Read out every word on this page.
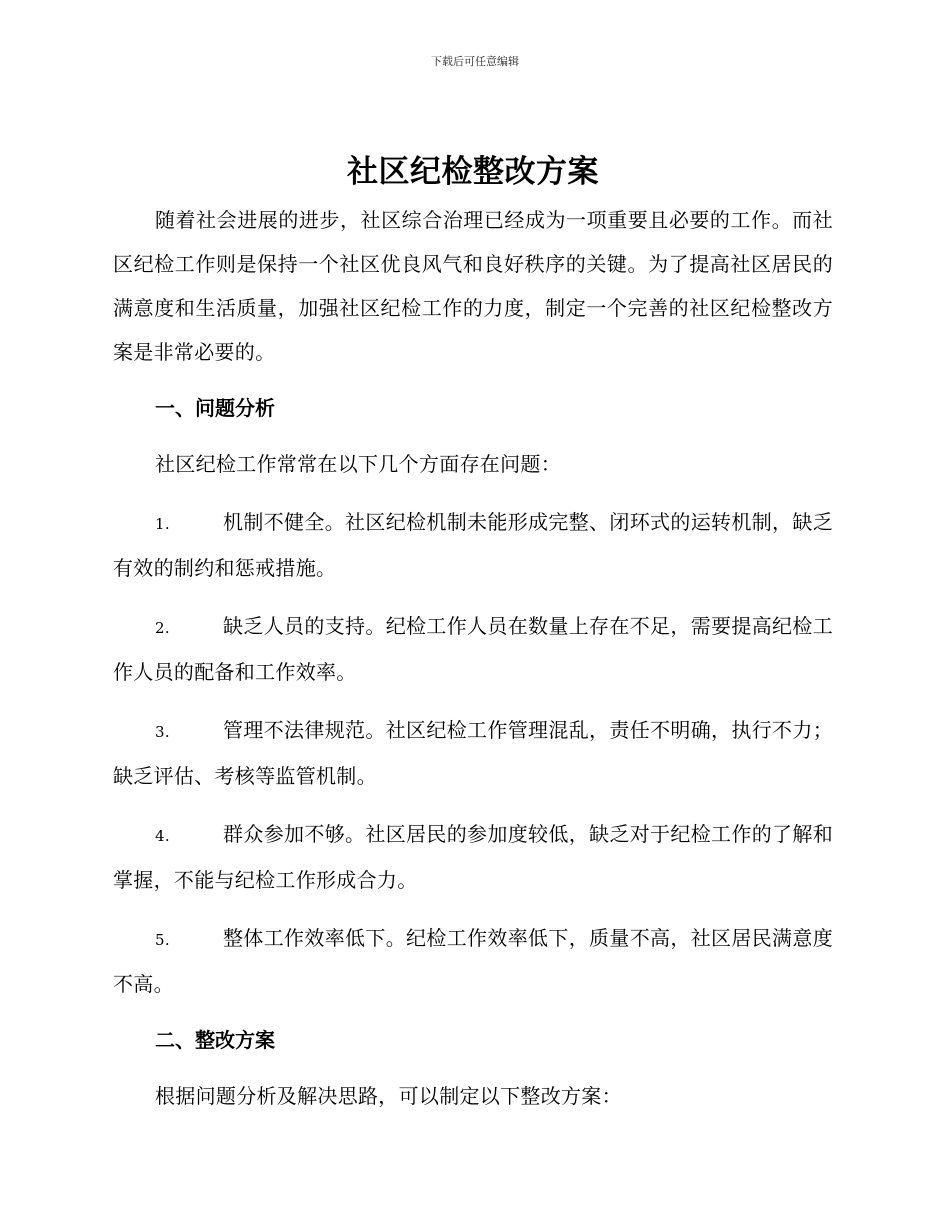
下载后可任意编辑
社区纪检整改方案

随着社会进展的进步，社区综合治理已经成为一项重要且必要的工作。而社区纪检工作则是保持一个社区优良风气和良好秩序的关键。为了提高社区居民的满意度和生活质量，加强社区纪检工作的力度，制定一个完善的社区纪检整改方案是非常必要的。

一、问题分析

社区纪检工作常常在以下几个方面存在问题：

1.	机制不健全。社区纪检机制未能形成完整、闭环式的运转机制，缺乏有效的制约和惩戒措施。

2.	缺乏人员的支持。纪检工作人员在数量上存在不足，需要提高纪检工作人员的配备和工作效率。

3.	管理不法律规范。社区纪检工作管理混乱，责任不明确，执行不力；缺乏评估、考核等监管机制。

4.	群众参加不够。社区居民的参加度较低，缺乏对于纪检工作的了解和掌握，不能与纪检工作形成合力。

5.	整体工作效率低下。纪检工作效率低下，质量不高，社区居民满意度不高。

二、整改方案

根据问题分析及解决思路，可以制定以下整改方案：
